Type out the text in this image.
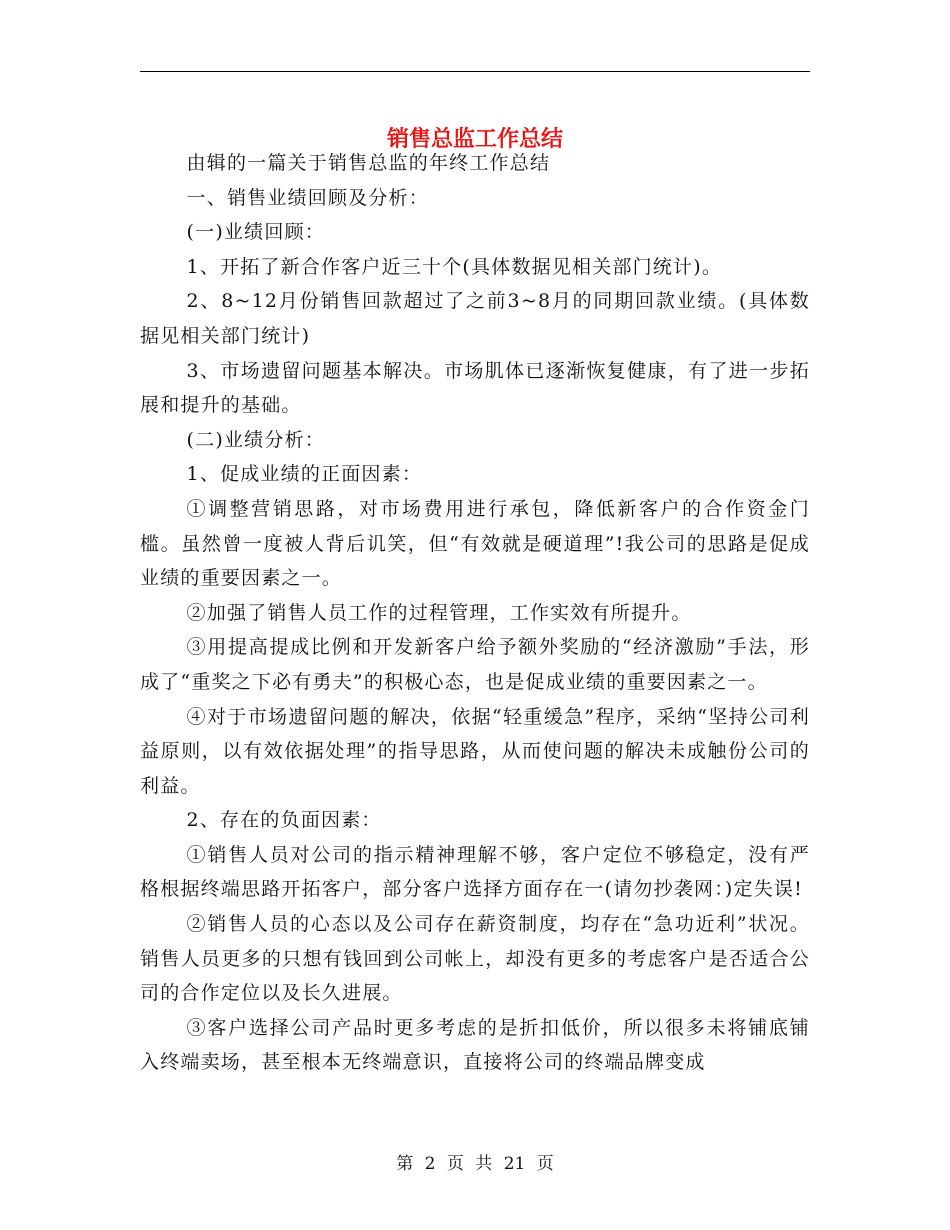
销售总监工作总结

由辑的一篇关于销售总监的年终工作总结

一、销售业绩回顾及分析：

(一)业绩回顾：

1、开拓了新合作客户近三十个(具体数据见相关部门统计)。

2、8~12月份销售回款超过了之前3~8月的同期回款业绩。(具体数据见相关部门统计)

3、市场遗留问题基本解决。市场肌体已逐渐恢复健康，有了进一步拓展和提升的基础。

(二)业绩分析：

1、促成业绩的正面因素：

①调整营销思路，对市场费用进行承包，降低新客户的合作资金门槛。虽然曾一度被人背后讥笑，但“有效就是硬道理”!我公司的思路是促成业绩的重要因素之一。

②加强了销售人员工作的过程管理，工作实效有所提升。

③用提高提成比例和开发新客户给予额外奖励的“经济激励”手法，形成了“重奖之下必有勇夫”的积极心态，也是促成业绩的重要因素之一。

④对于市场遗留问题的解决，依据“轻重缓急”程序，采纳“坚持公司利益原则，以有效依据处理”的指导思路，从而使问题的解决未成触份公司的利益。

2、存在的负面因素：

①销售人员对公司的指示精神理解不够，客户定位不够稳定，没有严格根据终端思路开拓客户，部分客户选择方面存在一(请勿抄袭网：)定失误!

②销售人员的心态以及公司存在薪资制度，均存在“急功近利”状况。销售人员更多的只想有钱回到公司帐上，却没有更多的考虑客户是否适合公司的合作定位以及长久进展。

③客户选择公司产品时更多考虑的是折扣低价，所以很多未将铺底铺入终端卖场，甚至根本无终端意识，直接将公司的终端品牌变成

第 2 页 共 21 页
